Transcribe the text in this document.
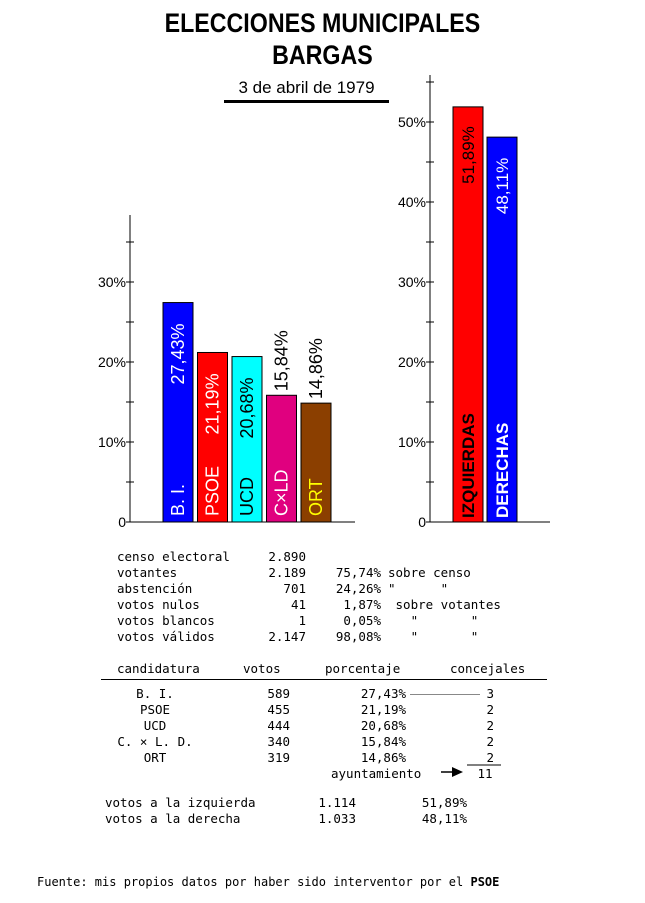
ELECCIONES MUNICIPALES
BARGAS
3 de abril de 1979
0
10%
20%
30%
B. I.
27,43%
PSOE
21,19%
UCD
20,68%
C×LD
15,84%
ORT
14,86%
0
10%
20%
30%
40%
50%
IZQUIERDAS
51,89%
DERECHAS
48,11%
censo electoral	2.890
votantes	2.189	75,74% sobre censo
abstención	701	24,26% "      "
votos nulos	41	1,87% sobre votantes
votos blancos	1	0,05% "       "
votos válidos	2.147	98,08% "       "
candidatura	votos	porcentaje	concejales
B. I.	589	27,43%	3
PSOE	455	21,19%	2
UCD	444	20,68%	2
C. × L. D.	340	15,84%	2
ORT	319	14,86%	2
ayuntamiento	11
votos a la izquierda	1.114	51,89%
votos a la derecha	1.033	48,11%
Fuente: mis propios datos por haber sido interventor por el PSOE
